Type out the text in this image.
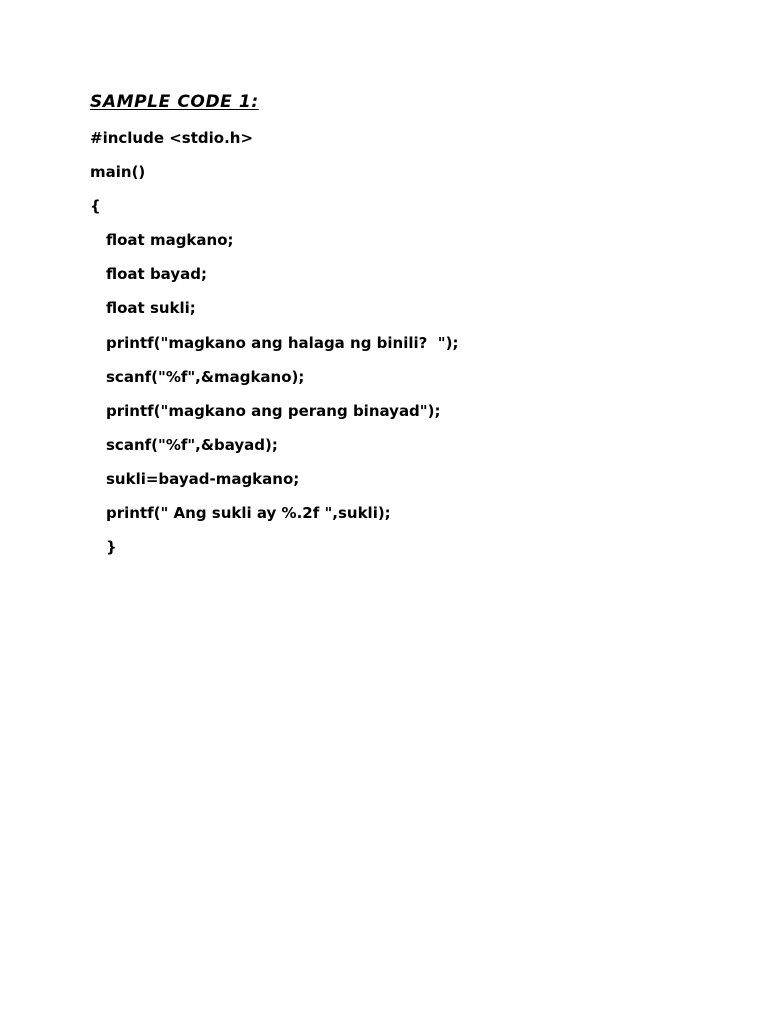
SAMPLE CODE 1:
#include <stdio.h>
main()
{
float magkano;
float bayad;
float sukli;
printf("magkano ang halaga ng binili?  ");
scanf("%f",&magkano);
printf("magkano ang perang binayad");
scanf("%f",&bayad);
sukli=bayad-magkano;
printf(" Ang sukli ay %.2f ",sukli);
}
